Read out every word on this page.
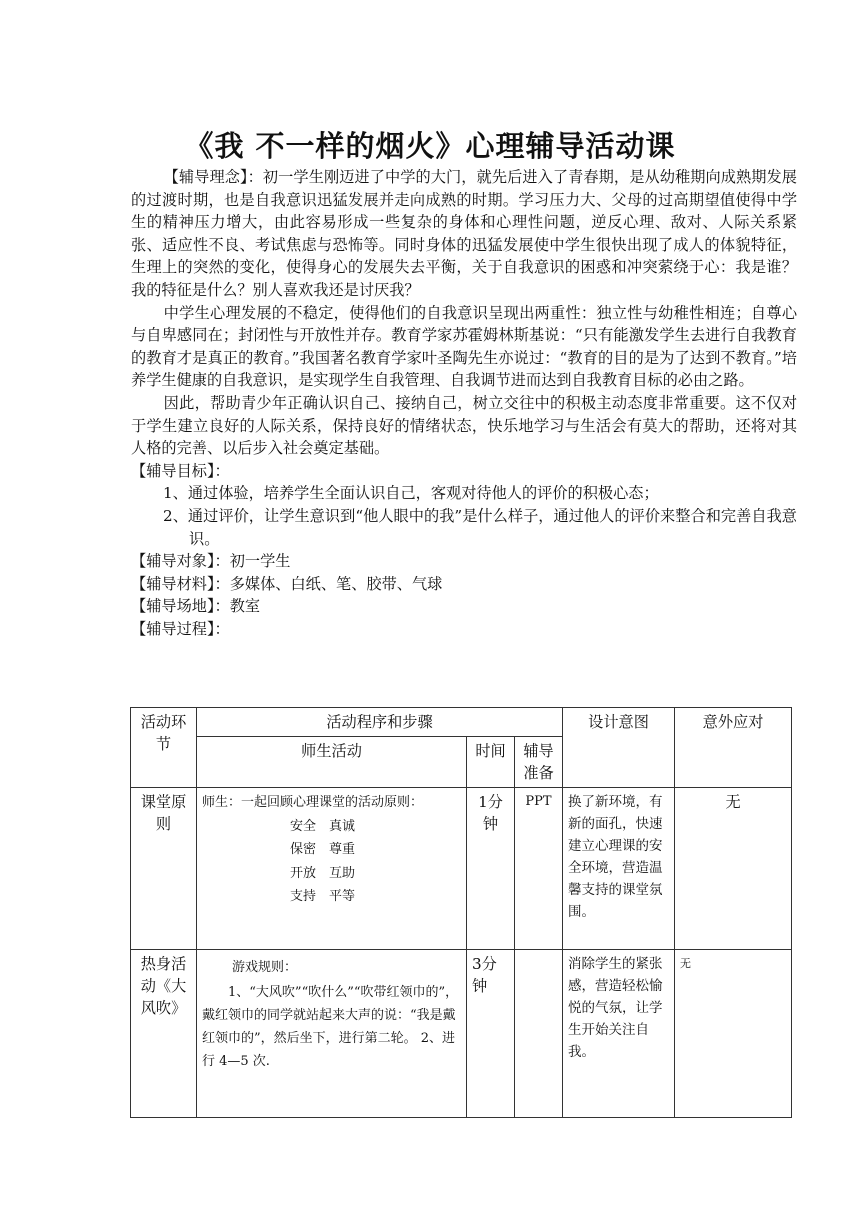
《我 不一样的烟火》心理辅导活动课

【辅导理念】：初一学生刚迈进了中学的大门，就先后进入了青春期，是从幼稚期向成熟期发展的过渡时期，也是自我意识迅猛发展并走向成熟的时期。学习压力大、父母的过高期望值使得中学生的精神压力增大，由此容易形成一些复杂的身体和心理性问题，逆反心理、敌对、人际关系紧张、适应性不良、考试焦虑与恐怖等。同时身体的迅猛发展使中学生很快出现了成人的体貌特征，生理上的突然的变化，使得身心的发展失去平衡，关于自我意识的困惑和冲突萦绕于心：我是谁？我的特征是什么？别人喜欢我还是讨厌我？

中学生心理发展的不稳定，使得他们的自我意识呈现出两重性：独立性与幼稚性相连；自尊心与自卑感同在；封闭性与开放性并存。教育学家苏霍姆林斯基说：“只有能激发学生去进行自我教育的教育才是真正的教育。”我国著名教育学家叶圣陶先生亦说过：“教育的目的是为了达到不教育。”培养学生健康的自我意识，是实现学生自我管理、自我调节进而达到自我教育目标的必由之路。

因此，帮助青少年正确认识自己、接纳自己，树立交往中的积极主动态度非常重要。这不仅对于学生建立良好的人际关系，保持良好的情绪状态，快乐地学习与生活会有莫大的帮助，还将对其人格的完善、以后步入社会奠定基础。

【辅导目标】：

1、通过体验，培养学生全面认识自己，客观对待他人的评价的积极心态；

2、通过评价，让学生意识到“他人眼中的我”是什么样子，通过他人的评价来整合和完善自我意识。

【辅导对象】：初一学生

【辅导材料】：多媒体、白纸、笔、胶带、气球

【辅导场地】：教室

【辅导过程】：

活动环节	活动程序和步骤			设计意图	意外应对
	师生活动	时间	辅导准备		
课堂原则	师生：一起回顾心理课堂的活动原则：
安全　真诚
保密　尊重
开放　互助
支持　平等	1分钟	PPT	换了新环境，有新的面孔，快速建立心理课的安全环境，营造温馨支持的课堂氛围。	无
热身活动《大风吹》	游戏规则：
1、“大风吹”“吹什么”“吹带红领巾的”，戴红领巾的同学就站起来大声的说：“我是戴红领巾的”，然后坐下，进行第二轮。 2、进行 4—5 次.	3分钟		消除学生的紧张感，营造轻松愉悦的气氛，让学生开始关注自我。	无
